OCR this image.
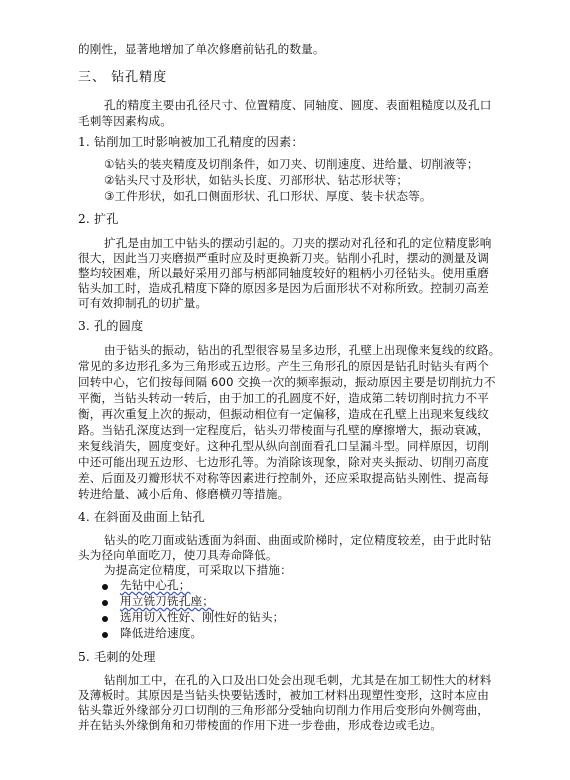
的刚性，显著地增加了单次修磨前钻孔的数量。
三、 钻孔精度
孔的精度主要由孔径尺寸、位置精度、同轴度、圆度、表面粗糙度以及孔口
毛刺等因素构成。
1. 钻削加工时影响被加工孔精度的因素：
①钻头的装夹精度及切削条件，如刀夹、切削速度、进给量、切削液等；
②钻头尺寸及形状，如钻头长度、刃部形状、钻芯形状等；
③工件形状，如孔口侧面形状、孔口形状、厚度、装卡状态等。
2. 扩孔
扩孔是由加工中钻头的摆动引起的。刀夹的摆动对孔径和孔的定位精度影响
很大，因此当刀夹磨损严重时应及时更换新刀夹。钻削小孔时，摆动的测量及调
整均较困难，所以最好采用刃部与柄部同轴度较好的粗柄小刃径钻头。使用重磨
钻头加工时，造成孔精度下降的原因多是因为后面形状不对称所致。控制刃高差
可有效抑制孔的切扩量。
3. 孔的圆度
由于钻头的振动，钻出的孔型很容易呈多边形，孔壁上出现像来复线的纹路。
常见的多边形孔多为三角形或五边形。产生三角形孔的原因是钻孔时钻头有两个
回转中心，它们按每间隔 600 交换一次的频率振动，振动原因主要是切削抗力不
平衡，当钻头转动一转后，由于加工的孔圆度不好，造成第二转切削时抗力不平
衡，再次重复上次的振动，但振动相位有一定偏移，造成在孔壁上出现来复线纹
路。当钻孔深度达到一定程度后，钻头刃带棱面与孔壁的摩擦增大，振动衰减，
来复线消失，圆度变好。这种孔型从纵向剖面看孔口呈漏斗型。同样原因，切削
中还可能出现五边形、七边形孔等。为消除该现象，除对夹头振动、切削刃高度
差、后面及刃瓣形状不对称等因素进行控制外，还应采取提高钻头刚性、提高每
转进给量、减小后角、修磨横刃等措施。
4. 在斜面及曲面上钻孔
钻头的吃刀面或钻透面为斜面、曲面或阶梯时，定位精度较差，由于此时钻
头为径向单面吃刀，使刀具寿命降低。
为提高定位精度，可采取以下措施：
先钻中心孔；
用立铣刀铣孔座；
选用切入性好、刚性好的钻头；
降低进给速度。
5. 毛刺的处理
钻削加工中，在孔的入口及出口处会出现毛刺，尤其是在加工韧性大的材料
及薄板时。其原因是当钻头快要钻透时，被加工材料出现塑性变形，这时本应由
钻头靠近外缘部分刃口切削的三角形部分受轴向切削力作用后变形向外侧弯曲，
并在钻头外缘倒角和刃带棱面的作用下进一步卷曲，形成卷边或毛边。
